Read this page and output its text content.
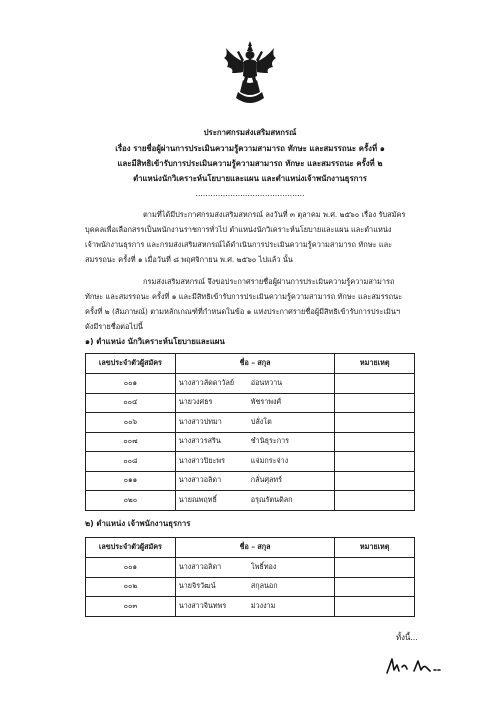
ประกาศกรมส่งเสริมสหกรณ์
เรื่อง รายชื่อผู้ผ่านการประเมินความรู้ความสามารถ ทักษะ และสมรรถนะ ครั้งที่ ๑
และมีสิทธิเข้ารับการประเมินความรู้ความสามารถ ทักษะ และสมรรถนะ ครั้งที่ ๒
ตำแหน่งนักวิเคราะห์นโยบายและแผน และตำแหน่งเจ้าพนักงานธุรการ
............................................
ตามที่ได้มีประกาศกรมส่งเสริมสหกรณ์ ลงวันที่ ๓ ตุลาคม พ.ศ. ๒๕๖๐ เรื่อง รับสมัคร
บุคคลเพื่อเลือกสรรเป็นพนักงานราชการทั่วไป ตำแหน่งนักวิเคราะห์นโยบายและแผน และตำแหน่ง
เจ้าพนักงานธุรการ และกรมส่งเสริมสหกรณ์ได้ดำเนินการประเมินความรู้ความสามารถ ทักษะ และ
สมรรถนะ ครั้งที่ ๑ เมื่อวันที่ ๘ พฤศจิกายน พ.ศ. ๒๕๖๐ ไปแล้ว นั้น
กรมส่งเสริมสหกรณ์ จึงขอประกาศรายชื่อผู้ผ่านการประเมินความรู้ความสามารถ
ทักษะ และสมรรถนะ ครั้งที่ ๑ และมีสิทธิเข้ารับการประเมินความรู้ความสามารถ ทักษะ และสมรรถนะ
ครั้งที่ ๒ (สัมภาษณ์) ตามหลักเกณฑ์ที่กำหนดในข้อ ๑ แห่งประกาศรายชื่อผู้มีสิทธิเข้ารับการประเมินฯ
ดังมีรายชื่อต่อไปนี้
๑) ตำแหน่ง นักวิเคราะห์นโยบายและแผน
เลขประจำตัวผู้สมัคร	ชื่อ – สกุล	หมายเหตุ
๐๐๑	นางสาวลัดดาวัลย์ อ่อนหวาน	
๐๐๔	นายวงศธร พัชราพงศ์	
๐๐๖	นางสาวปทมา ปลั่งโต	
๐๐๗	นางสาวรสริน ชำนิธุระการ	
๐๐๘	นางสาวปิยะพร แจ่มกระจ่าง	
๐๑๑	นางสาวอลิดา กลั่นศุลทร์	
๐๒๐	นายณพฤทธิ์ อรุณรัตนดิลก	
๒) ตำแหน่ง เจ้าพนักงานธุรการ
เลขประจำตัวผู้สมัคร	ชื่อ – สกุล	หมายเหตุ
๐๐๑	นางสาวอลิดา โพธิ์ทอง	
๐๐๒	นายจิรวัฒน์ สกุลนอก	
๐๐๓	นางสาวจินทพร ม่วงงาม	
ทั้งนี้...
